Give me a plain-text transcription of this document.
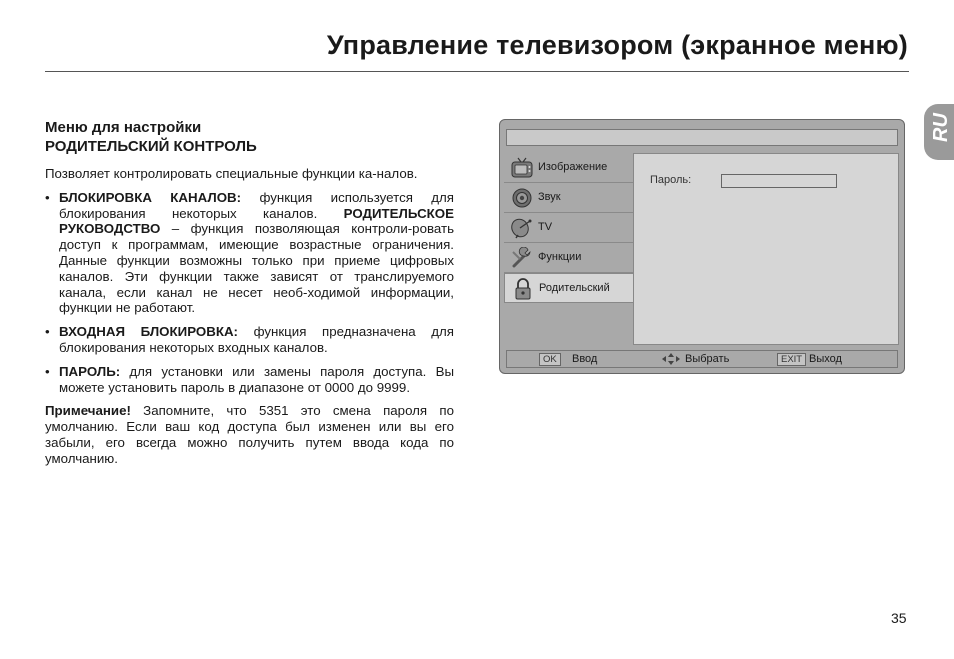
Управление телевизором (экранное меню)
RU

Меню для настройки
РОДИТЕЛЬСКИЙ КОНТРОЛЬ

Позволяет контролировать специальные функции ка-налов.

• БЛОКИРОВКА КАНАЛОВ: функция используется для блокирования некоторых каналов. РОДИТЕЛЬСКОЕ РУКОВОДСТВО – функция позволяющая контроли-ровать доступ к программам, имеющие возрастные ограничения. Данные функции возможны только при приеме цифровых каналов. Эти функции также зависят от транслируемого канала, если канал не несет необ-ходимой информации, функции не работают.
• ВХОДНАЯ БЛОКИРОВКА: функция предназначена для блокирования некоторых входных каналов.
• ПАРОЛЬ: для установки или замены пароля доступа. Вы можете установить пароль в диапазоне от 0000 до 9999.

Примечание! Запомните, что 5351 это смена пароля по умолчанию. Если ваш код доступа был изменен или вы его забыли, его всегда можно получить путем ввода кода по умолчанию.

Изображение
Звук
TV
Функции
Родительский
Пароль:
OK	Ввод	Выбрать	EXIT Выход
35
